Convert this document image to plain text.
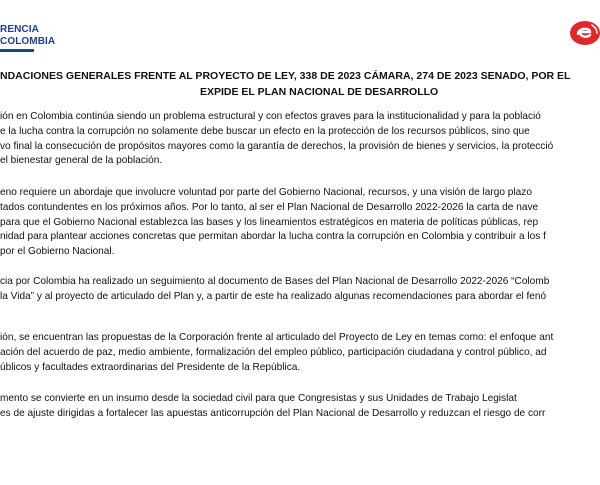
RENCIA
COLOMBIA
NDACIONES GENERALES FRENTE AL PROYECTO DE LEY, 338 DE 2023 CÁMARA, 274 DE 2023 SENADO, POR EL
EXPIDE EL PLAN NACIONAL DE DESARROLLO
ión en Colombia continúa siendo un problema estructural y con efectos graves para la institucionalidad y para la població
e la lucha contra la corrupción no solamente debe buscar un efecto en la protección de los recursos públicos, sino que
vo final la consecución de propósitos mayores como la garantía de derechos, la provisión de bienes y servicios, la protecció
el bienestar general de la población.
eno requiere un abordaje que involucre voluntad por parte del Gobierno Nacional, recursos, y una visión de largo plazo
tados contundentes en los próximos años. Por lo tanto, al ser el Plan Nacional de Desarrollo 2022-2026 la carta de nave
para que el Gobierno Nacional establezca las bases y los lineamientos estratégicos en materia de políticas públicas, rep
nidad para plantear acciones concretas que permitan abordar la lucha contra la corrupción en Colombia y contribuir a los f
por el Gobierno Nacional.
cia por Colombia ha realizado un seguimiento al documento de Bases del Plan Nacional de Desarrollo 2022-2026 “Colomb
la Vida” y al proyecto de articulado del Plan y, a partir de este ha realizado algunas recomendaciones para abordar el fenó
ión, se encuentran las propuestas de la Corporación frente al articulado del Proyecto de Ley en temas como: el enfoque ant
ación del acuerdo de paz, medio ambiente, formalización del empleo público, participación ciudadana y control público, ad
úblicos y facultades extraordinarias del Presidente de la República.
mento se convierte en un insumo desde la sociedad civil para que Congresistas y sus Unidades de Trabajo Legislat
es de ajuste dirigidas a fortalecer las apuestas anticorrupción del Plan Nacional de Desarrollo y reduzcan el riesgo de corr
